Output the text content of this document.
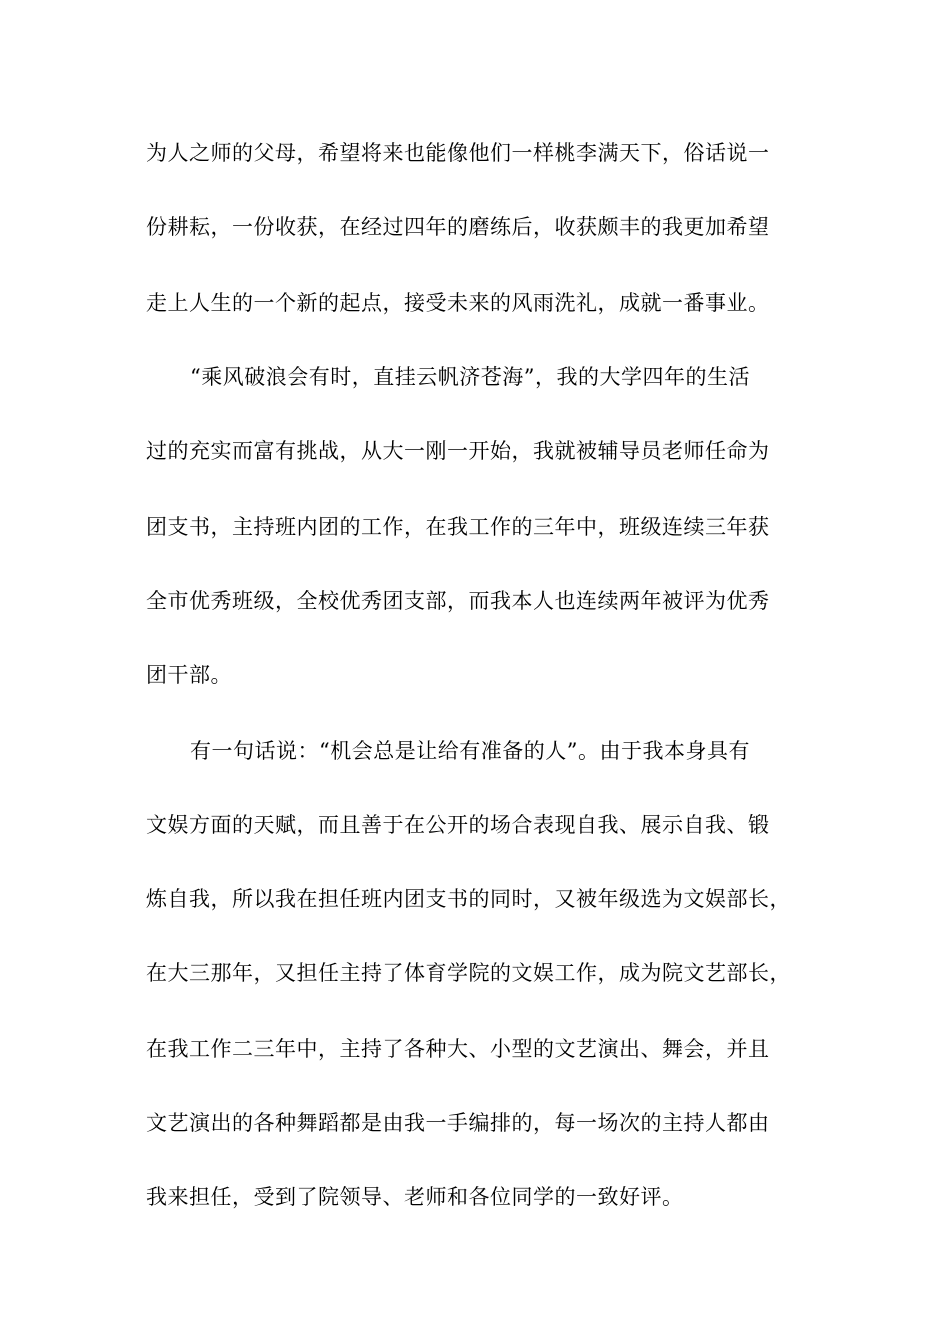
为人之师的父母，希望将来也能像他们一样桃李满天下，俗话说一
份耕耘，一份收获，在经过四年的磨练后，收获颇丰的我更加希望
走上人生的一个新的起点，接受未来的风雨洗礼，成就一番事业。
“乘风破浪会有时，直挂云帆济苍海”，我的大学四年的生活
过的充实而富有挑战，从大一刚一开始，我就被辅导员老师任命为
团支书，主持班内团的工作，在我工作的三年中，班级连续三年获
全市优秀班级，全校优秀团支部，而我本人也连续两年被评为优秀
团干部。
有一句话说：“机会总是让给有准备的人”。由于我本身具有
文娱方面的天赋，而且善于在公开的场合表现自我、展示自我、锻
炼自我，所以我在担任班内团支书的同时，又被年级选为文娱部长，
在大三那年，又担任主持了体育学院的文娱工作，成为院文艺部长，
在我工作二三年中，主持了各种大、小型的文艺演出、舞会，并且
文艺演出的各种舞蹈都是由我一手编排的，每一场次的主持人都由
我来担任，受到了院领导、老师和各位同学的一致好评。
